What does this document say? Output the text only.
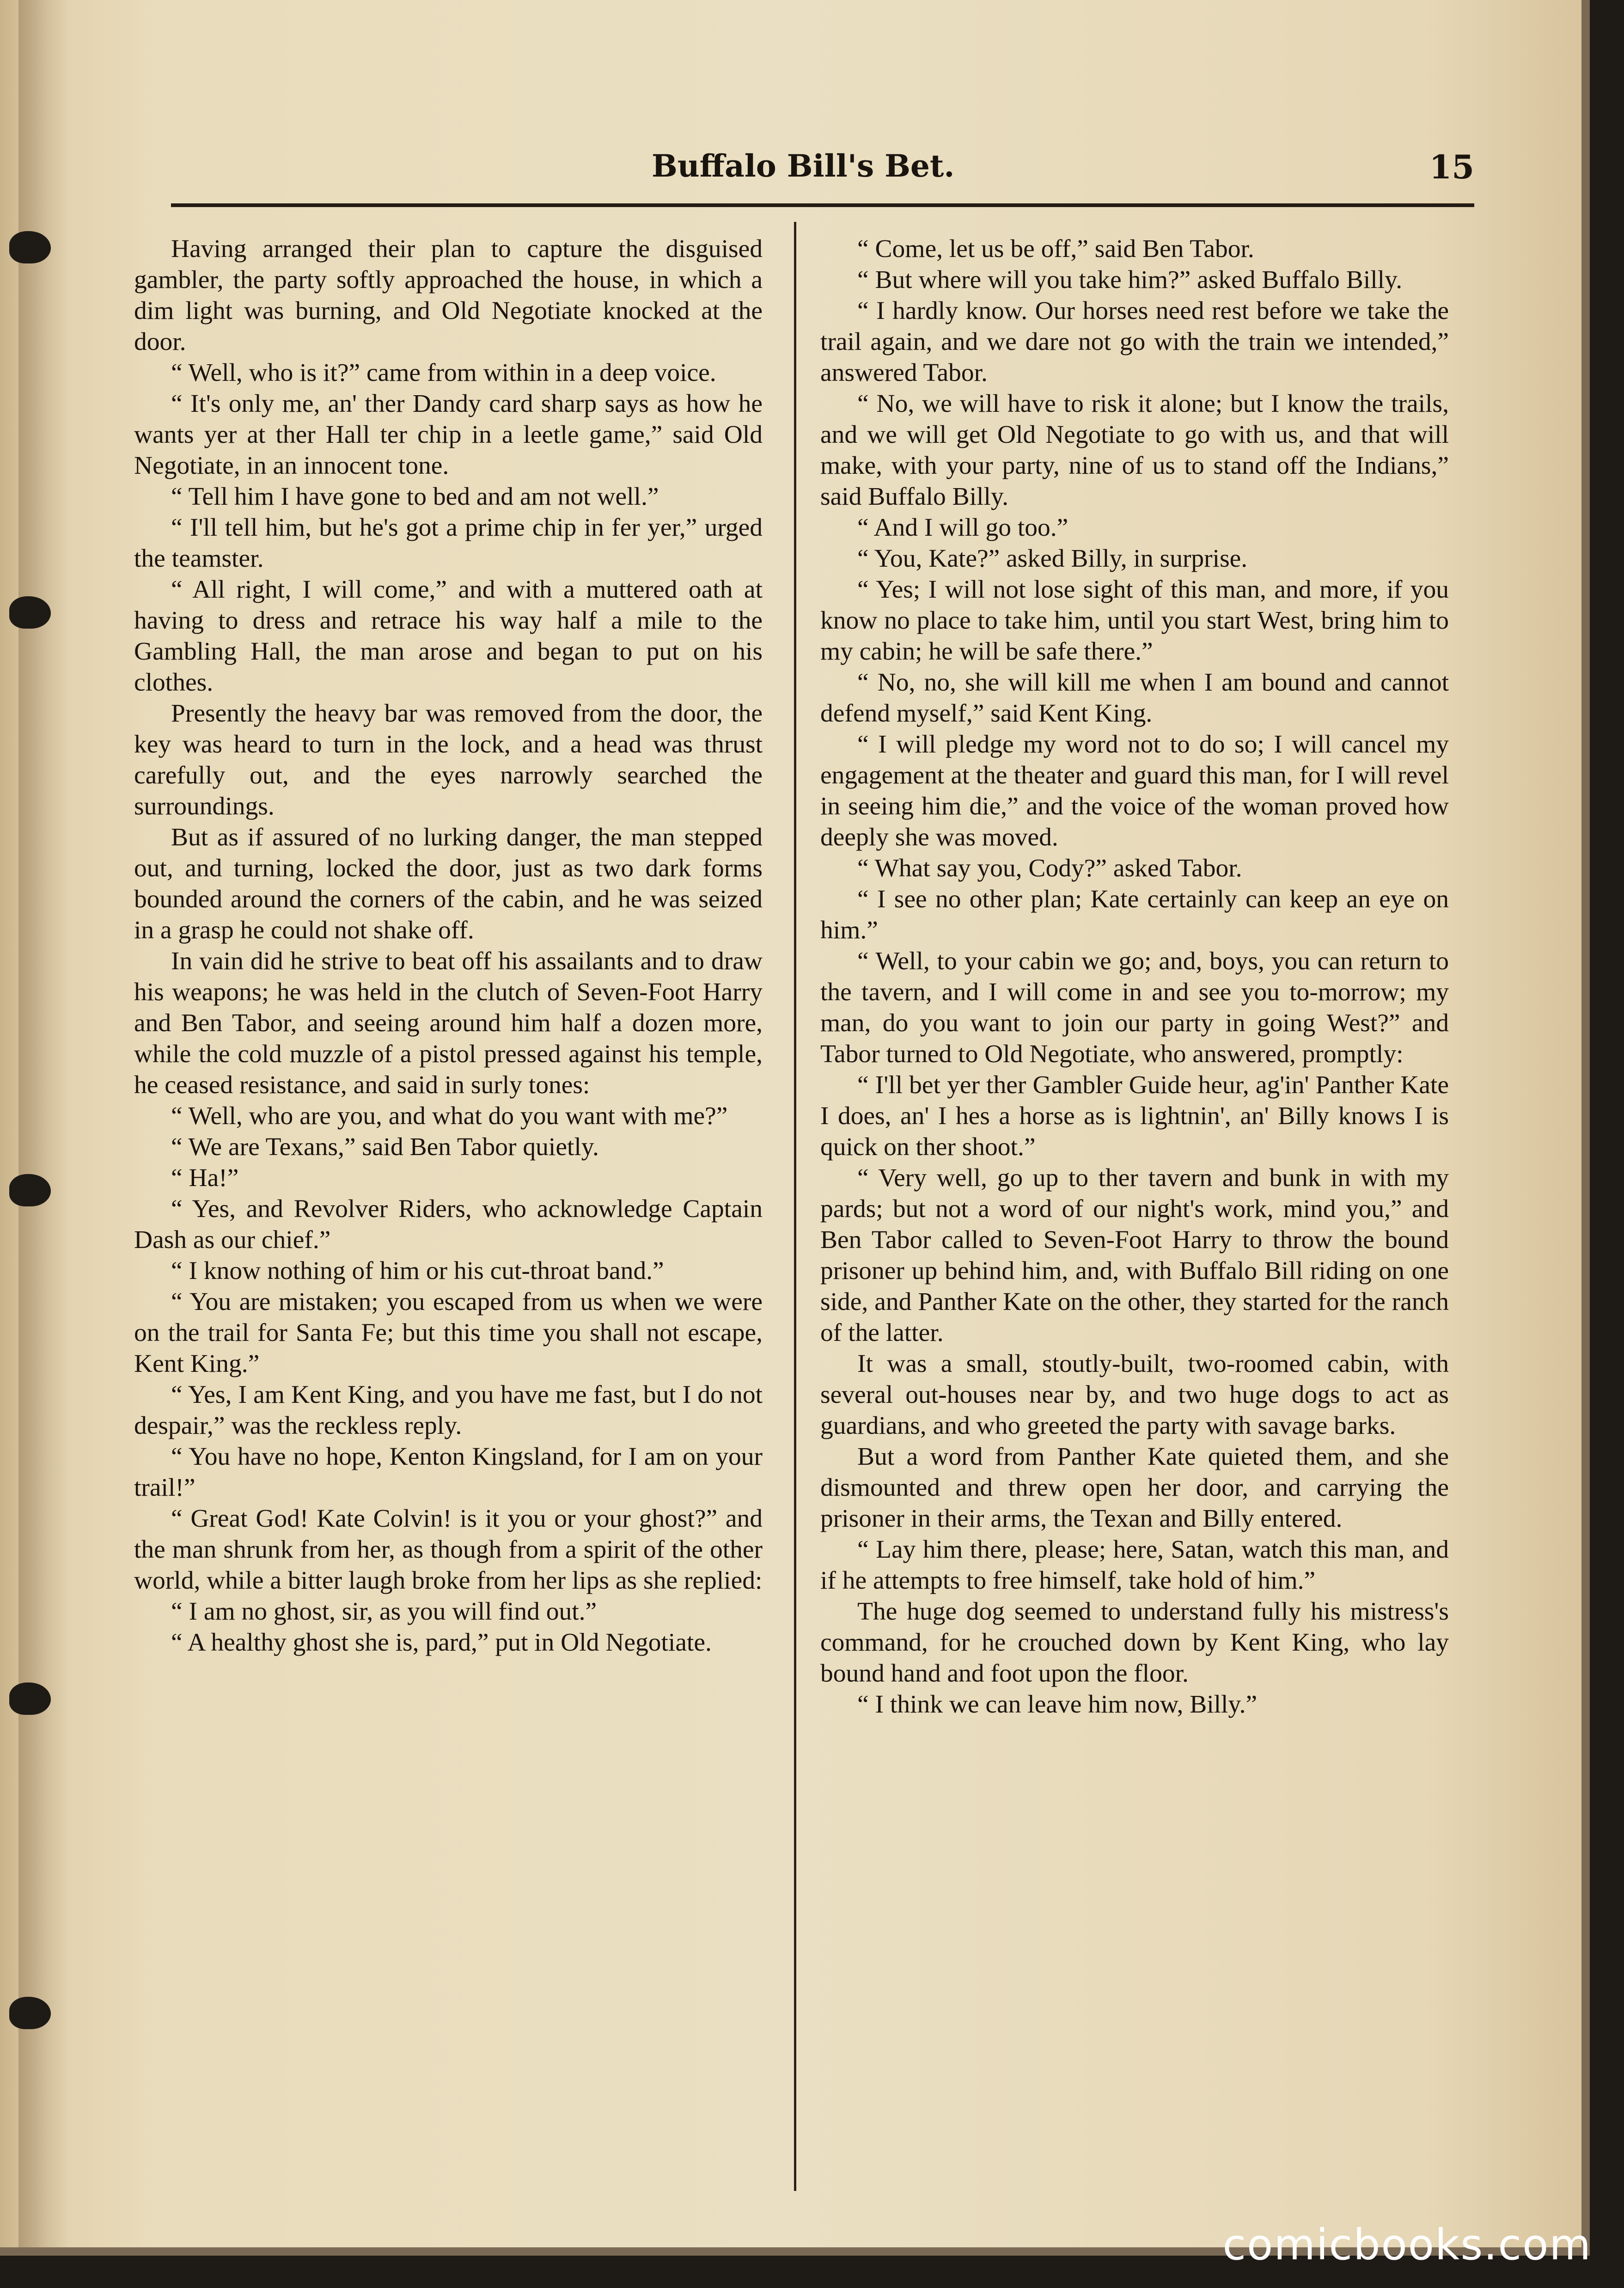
Buffalo Bill's Bet.	15

Having arranged their plan to capture the disguised gambler, the party softly approached the house, in which a dim light was burning, and Old Negotiate knocked at the door.

“ Well, who is it?” came from within in a deep voice.

“ It's only me, an' ther Dandy card sharp says as how he wants yer at ther Hall ter chip in a leetle game,” said Old Negotiate, in an innocent tone.

“ Tell him I have gone to bed and am not well.”

“ I'll tell him, but he's got a prime chip in fer yer,” urged the teamster.

“ All right, I will come,” and with a muttered oath at having to dress and retrace his way half a mile to the Gambling Hall, the man arose and began to put on his clothes.

Presently the heavy bar was removed from the door, the key was heard to turn in the lock, and a head was thrust carefully out, and the eyes narrowly searched the surroundings.

But as if assured of no lurking danger, the man stepped out, and turning, locked the door, just as two dark forms bounded around the corners of the cabin, and he was seized in a grasp he could not shake off.

In vain did he strive to beat off his assailants and to draw his weapons; he was held in the clutch of Seven-Foot Harry and Ben Tabor, and seeing around him half a dozen more, while the cold muzzle of a pistol pressed against his temple, he ceased resistance, and said in surly tones:

“ Well, who are you, and what do you want with me?”

“ We are Texans,” said Ben Tabor quietly.

“ Ha!”

“ Yes, and Revolver Riders, who acknowledge Captain Dash as our chief.”

“ I know nothing of him or his cut-throat band.”

“ You are mistaken; you escaped from us when we were on the trail for Santa Fe; but this time you shall not escape, Kent King.”

“ Yes, I am Kent King, and you have me fast, but I do not despair,” was the reckless reply.

“ You have no hope, Kenton Kingsland, for I am on your trail!”

“ Great God! Kate Colvin! is it you or your ghost?” and the man shrunk from her, as though from a spirit of the other world, while a bitter laugh broke from her lips as she replied:

“ I am no ghost, sir, as you will find out.”

“ A healthy ghost she is, pard,” put in Old Negotiate.

“ Come, let us be off,” said Ben Tabor.

“ But where will you take him?” asked Buffalo Billy.

“ I hardly know. Our horses need rest before we take the trail again, and we dare not go with the train we intended,” answered Tabor.

“ No, we will have to risk it alone; but I know the trails, and we will get Old Negotiate to go with us, and that will make, with your party, nine of us to stand off the Indians,” said Buffalo Billy.

“ And I will go too.”

“ You, Kate?” asked Billy, in surprise.

“ Yes; I will not lose sight of this man, and more, if you know no place to take him, until you start West, bring him to my cabin; he will be safe there.”

“ No, no, she will kill me when I am bound and cannot defend myself,” said Kent King.

“ I will pledge my word not to do so; I will cancel my engagement at the theater and guard this man, for I will revel in seeing him die,” and the voice of the woman proved how deeply she was moved.

“ What say you, Cody?” asked Tabor.

“ I see no other plan; Kate certainly can keep an eye on him.”

“ Well, to your cabin we go; and, boys, you can return to the tavern, and I will come in and see you to-morrow; my man, do you want to join our party in going West?” and Tabor turned to Old Negotiate, who answered, promptly:

“ I'll bet yer ther Gambler Guide heur, ag'in' Panther Kate I does, an' I hes a horse as is lightnin', an' Billy knows I is quick on ther shoot.”

“ Very well, go up to ther tavern and bunk in with my pards; but not a word of our night's work, mind you,” and Ben Tabor called to Seven-Foot Harry to throw the bound prisoner up behind him, and, with Buffalo Bill riding on one side, and Panther Kate on the other, they started for the ranch of the latter.

It was a small, stoutly-built, two-roomed cabin, with several out-houses near by, and two huge dogs to act as guardians, and who greeted the party with savage barks.

But a word from Panther Kate quieted them, and she dismounted and threw open her door, and carrying the prisoner in their arms, the Texan and Billy entered.

“ Lay him there, please; here, Satan, watch this man, and if he attempts to free himself, take hold of him.”

The huge dog seemed to understand fully his mistress's command, for he crouched down by Kent King, who lay bound hand and foot upon the floor.

“ I think we can leave him now, Billy.”

comicbooks.com
